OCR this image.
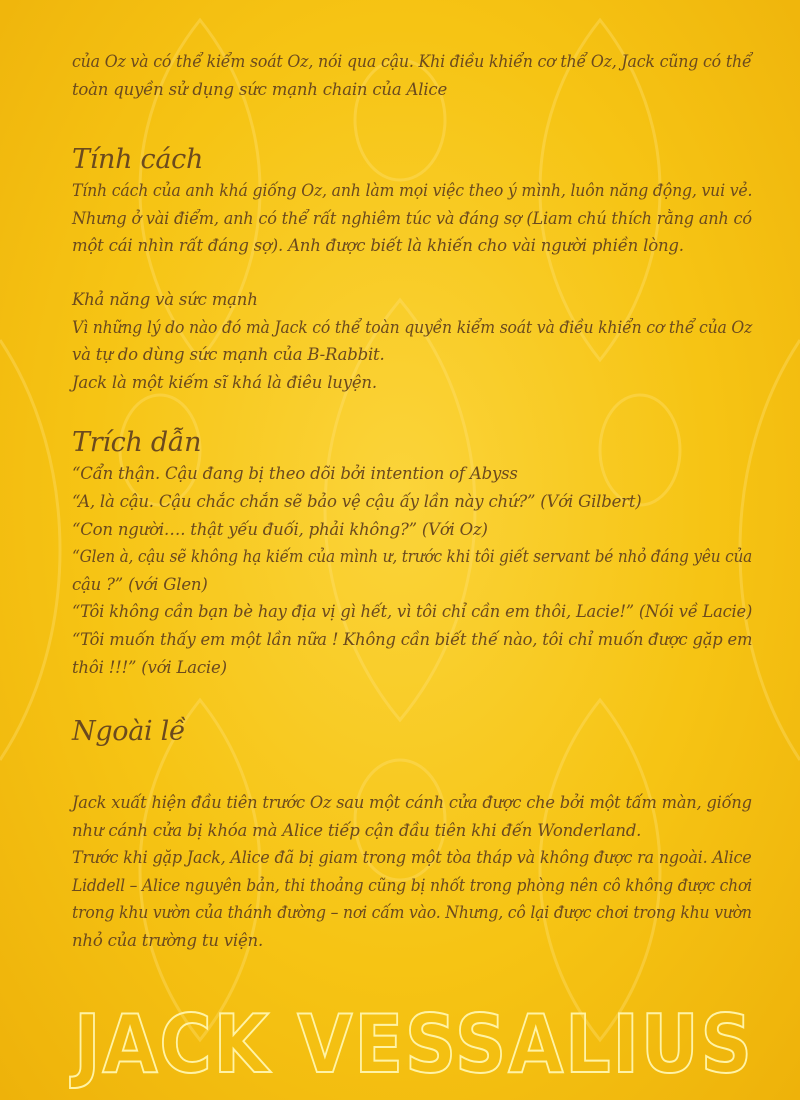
của Oz và có thể kiểm soát Oz, nói qua cậu. Khi điều khiển cơ thể Oz, Jack cũng có thể

toàn quyền sử dụng sức mạnh chain của Alice

Tính cách

Tính cách của anh khá giống Oz, anh làm mọi việc theo ý mình, luôn năng động, vui vẻ.

Nhưng ở vài điểm, anh có thể rất nghiêm túc và đáng sợ (Liam chú thích rằng anh có

một cái nhìn rất đáng sợ). Anh được biết là khiến cho vài người phiền lòng.

Khả năng và sức mạnh

Vì những lý do nào đó mà Jack có thể toàn quyền kiểm soát và điều khiển cơ thể của Oz

và tự do dùng sức mạnh của B-Rabbit.

Jack là một kiếm sĩ khá là điêu luyện.

Trích dẫn

“Cẩn thận. Cậu đang bị theo dõi bởi intention of Abyss

“A, là cậu. Cậu chắc chắn sẽ bảo vệ cậu ấy lần này chứ?” (Với Gilbert)

“Con người…. thật yếu đuối, phải không?” (Với Oz)

“Glen à, cậu sẽ không hạ kiếm của mình ư, trước khi tôi giết servant bé nhỏ đáng yêu của

cậu ?” (với Glen)

“Tôi không cần bạn bè hay địa vị gì hết, vì tôi chỉ cần em thôi, Lacie!” (Nói về Lacie)

“Tôi muốn thấy em một lần nữa ! Không cần biết thế nào, tôi chỉ muốn được gặp em

thôi !!!” (với Lacie)

Ngoài lề

Jack xuất hiện đầu tiên trước Oz sau một cánh cửa được che bởi một tấm màn, giống

như cánh cửa bị khóa mà Alice tiếp cận đầu tiên khi đến Wonderland.

Trước khi gặp Jack, Alice đã bị giam trong một tòa tháp và không được ra ngoài. Alice

Liddell – Alice nguyên bản, thi thoảng cũng bị nhốt trong phòng nên cô không được chơi

trong khu vườn của thánh đường – nơi cấm vào. Nhưng, cô lại được chơi trong khu vườn

nhỏ của trường tu viện.

JACK VESSALIUS
